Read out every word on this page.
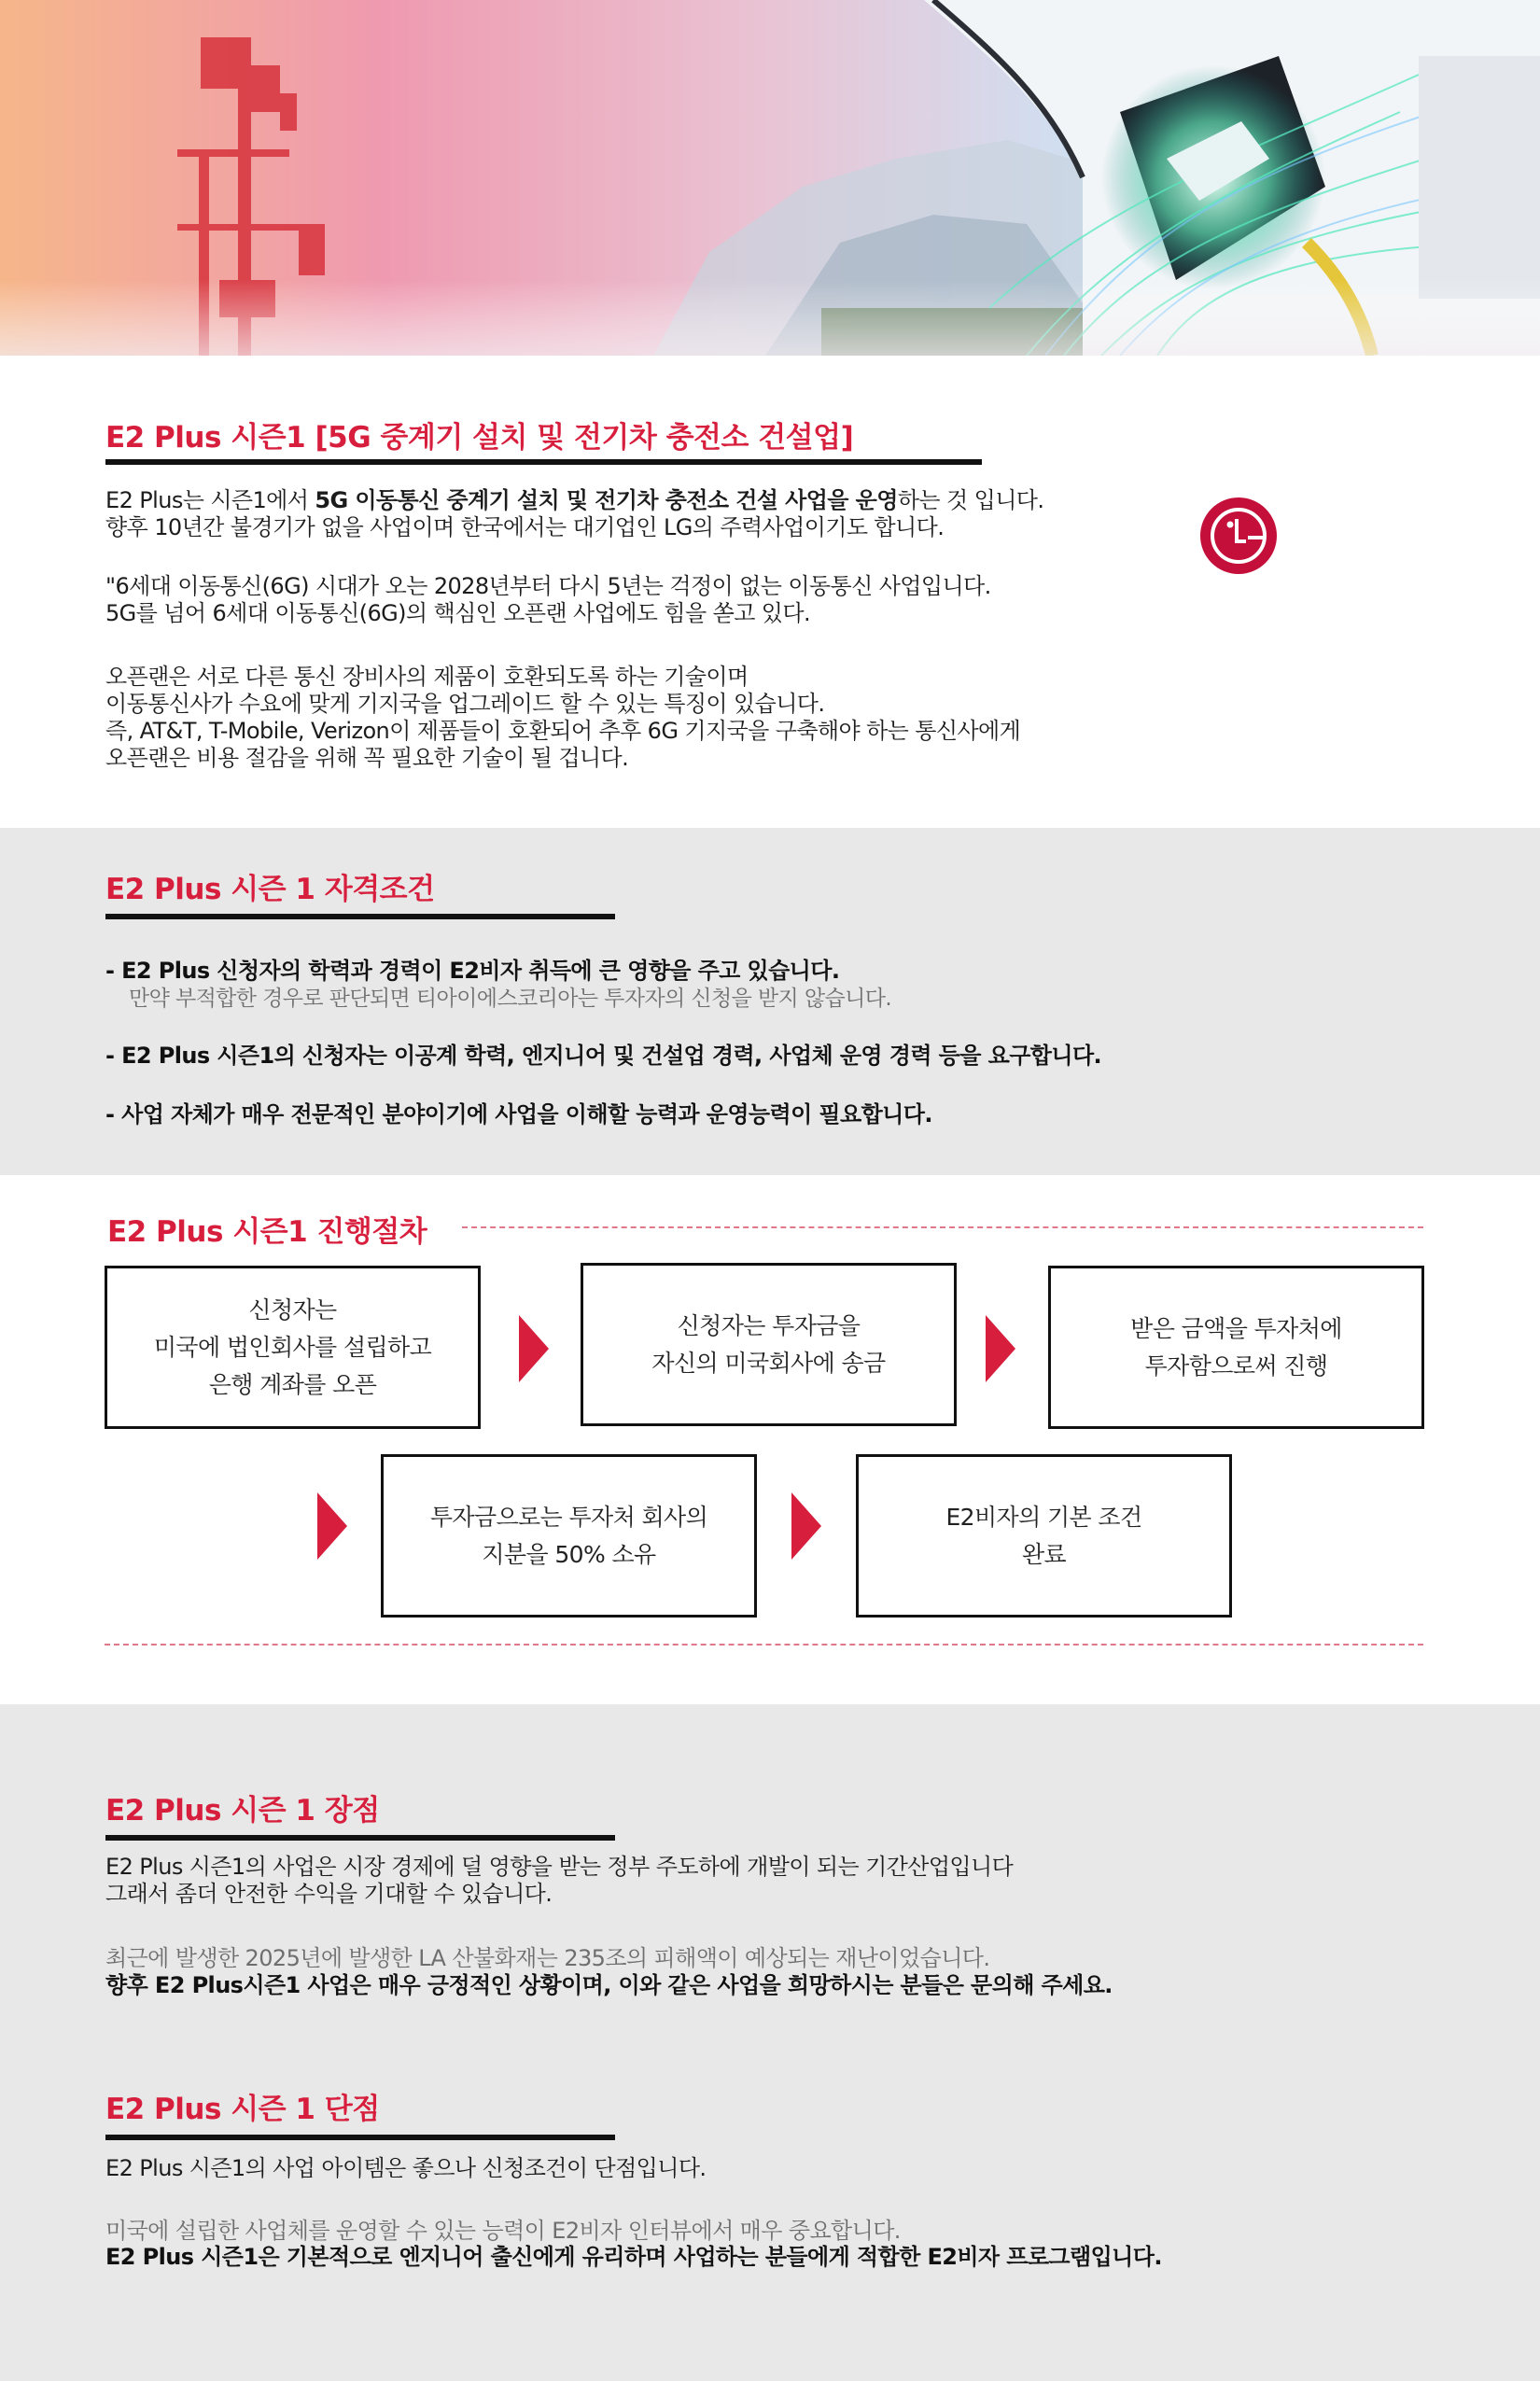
E2 Plus 시즌1 [5G 중계기 설치 및 전기차 충전소 건설업]
E2 Plus는 시즌1에서 5G 이동통신 중계기 설치 및 전기차 충전소 건설 사업을 운영하는 것 입니다.
향후 10년간 불경기가 없을 사업이며 한국에서는 대기업인 LG의 주력사업이기도 합니다.
"6세대 이동통신(6G) 시대가 오는 2028년부터 다시 5년는 걱정이 없는 이동통신 사업입니다.
5G를 넘어 6세대 이동통신(6G)의 핵심인 오픈랜 사업에도 힘을 쏟고 있다.
오픈랜은 서로 다른 통신 장비사의 제품이 호환되도록 하는 기술이며
이동통신사가 수요에 맞게 기지국을 업그레이드 할 수 있는 특징이 있습니다.
즉, AT&T, T-Mobile, Verizon이 제품들이 호환되어 추후 6G 기지국을 구축해야 하는 통신사에게
오픈랜은 비용 절감을 위해 꼭 필요한 기술이 될 겁니다.
E2 Plus 시즌 1 자격조건
- E2 Plus 신청자의 학력과 경력이 E2비자 취득에 큰 영향을 주고 있습니다.
만약 부적합한 경우로 판단되면 티아이에스코리아는 투자자의 신청을 받지 않습니다.
- E2 Plus 시즌1의 신청자는 이공계 학력, 엔지니어 및 건설업 경력, 사업체 운영 경력 등을 요구합니다.
- 사업 자체가 매우 전문적인 분야이기에 사업을 이해할 능력과 운영능력이 필요합니다.
E2 Plus 시즌1 진행절차
신청자는
미국에 법인회사를 설립하고
은행 계좌를 오픈
신청자는 투자금을
자신의 미국회사에 송금
받은 금액을 투자처에
투자함으로써 진행
투자금으로는 투자처 회사의
지분을 50% 소유
E2비자의 기본 조건
완료
E2 Plus 시즌 1 장점
E2 Plus 시즌1의 사업은 시장 경제에 덜 영향을 받는 정부 주도하에 개발이 되는 기간산업입니다
그래서 좀더 안전한 수익을 기대할 수 있습니다.
최근에 발생한 2025년에 발생한 LA 산불화재는 235조의 피해액이 예상되는 재난이었습니다.
향후 E2 Plus시즌1 사업은 매우 긍정적인 상황이며, 이와 같은 사업을 희망하시는 분들은 문의해 주세요.
E2 Plus 시즌 1 단점
E2 Plus 시즌1의 사업 아이템은 좋으나 신청조건이 단점입니다.
미국에 설립한 사업체를 운영할 수 있는 능력이 E2비자 인터뷰에서 매우 중요합니다.
E2 Plus 시즌1은 기본적으로 엔지니어 출신에게 유리하며 사업하는 분들에게 적합한 E2비자 프로그램입니다.
